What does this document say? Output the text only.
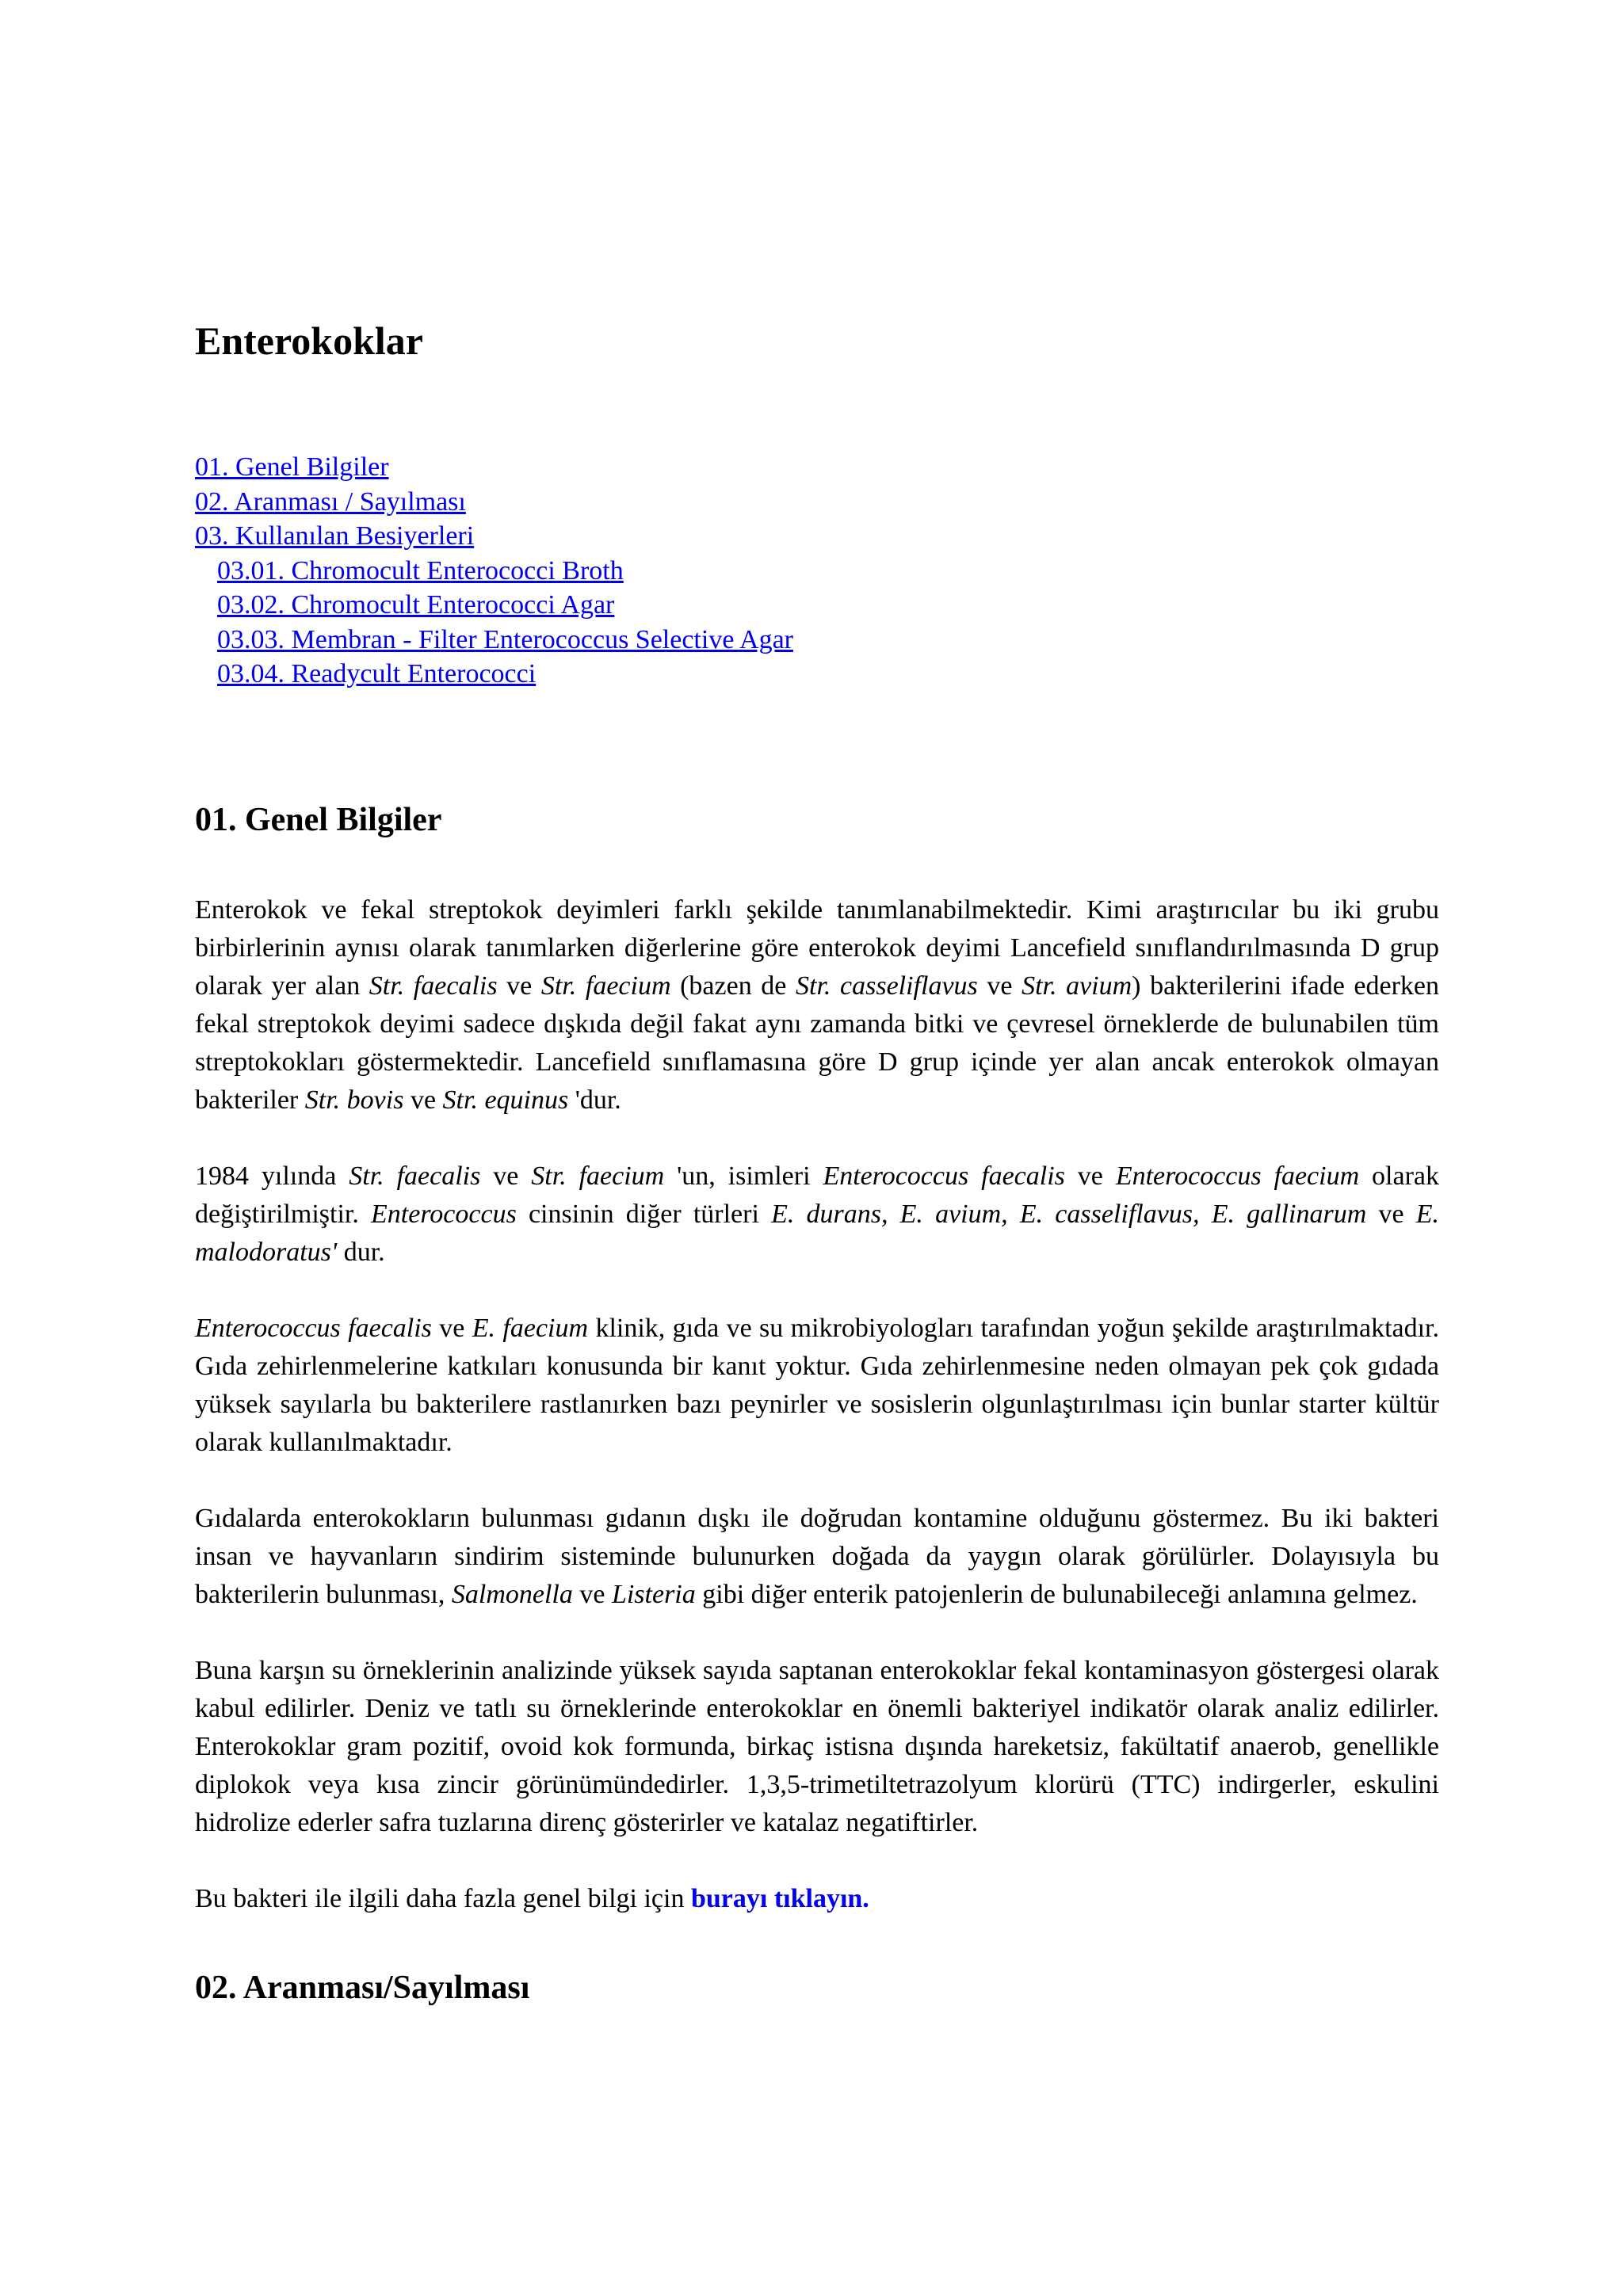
Enterokoklar
01. Genel Bilgiler
02. Aranması / Sayılması
03. Kullanılan Besiyerleri
03.01. Chromocult Enterococci Broth
03.02. Chromocult Enterococci Agar
03.03. Membran - Filter Enterococcus Selective Agar
03.04. Readycult Enterococci
01. Genel Bilgiler

Enterokok ve fekal streptokok deyimleri farklı şekilde tanımlanabilmektedir. Kimi araştırıcılar bu iki grubu birbirlerinin aynısı olarak tanımlarken diğerlerine göre enterokok deyimi Lancefield sınıflandırılmasında D grup olarak yer alan Str. faecalis ve Str. faecium (bazen de Str. casseliflavus ve Str. avium) bakterilerini ifade ederken fekal streptokok deyimi sadece dışkıda değil fakat aynı zamanda bitki ve çevresel örneklerde de bulunabilen tüm streptokokları göstermektedir. Lancefield sınıflamasına göre D grup içinde yer alan ancak enterokok olmayan bakteriler Str. bovis ve Str. equinus 'dur.

1984 yılında Str. faecalis ve Str. faecium 'un, isimleri Enterococcus faecalis ve Enterococcus faecium olarak değiştirilmiştir. Enterococcus cinsinin diğer türleri E. durans, E. avium, E. casseliflavus, E. gallinarum ve E. malodoratus' dur.

Enterococcus faecalis ve E. faecium klinik, gıda ve su mikrobiyologları tarafından yoğun şekilde araştırılmaktadır. Gıda zehirlenmelerine katkıları konusunda bir kanıt yoktur. Gıda zehirlenmesine neden olmayan pek çok gıdada yüksek sayılarla bu bakterilere rastlanırken bazı peynirler ve sosislerin olgunlaştırılması için bunlar starter kültür olarak kullanılmaktadır.

Gıdalarda enterokokların bulunması gıdanın dışkı ile doğrudan kontamine olduğunu göstermez. Bu iki bakteri insan ve hayvanların sindirim sisteminde bulunurken doğada da yaygın olarak görülürler. Dolayısıyla bu bakterilerin bulunması, Salmonella ve Listeria gibi diğer enterik patojenlerin de bulunabileceği anlamına gelmez.

Buna karşın su örneklerinin analizinde yüksek sayıda saptanan enterokoklar fekal kontaminasyon göstergesi olarak kabul edilirler. Deniz ve tatlı su örneklerinde enterokoklar en önemli bakteriyel indikatör olarak analiz edilirler. Enterokoklar gram pozitif, ovoid kok formunda, birkaç istisna dışında hareketsiz, fakültatif anaerob, genellikle diplokok veya kısa zincir görünümündedirler. 1,3,5-trimetiltetrazolyum klorürü (TTC) indirgerler, eskulini hidrolize ederler safra tuzlarına direnç gösterirler ve katalaz negatiftirler.

Bu bakteri ile ilgili daha fazla genel bilgi için burayı tıklayın.

02. Aranması/Sayılması
